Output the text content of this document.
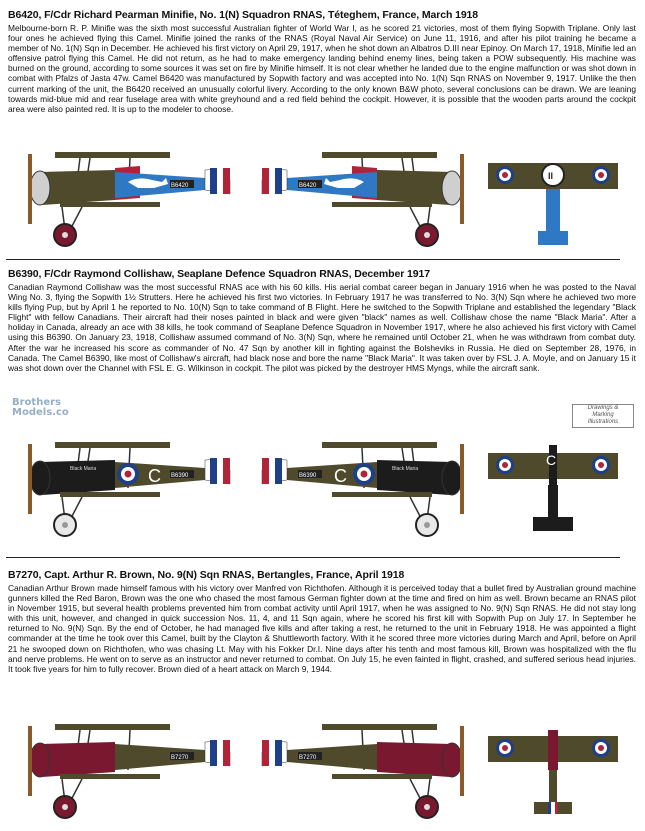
B6420, F/Cdr Richard Pearman Minifie, No. 1(N) Squadron RNAS, Téteghem, France, March 1918
Melbourne-born R. P. Minifie was the sixth most successful Australian fighter of World War I, as he scored 21 victories, most of them flying Sopwith Triplane. Only last four ones he achieved flying this Camel. Minifie joined the ranks of the RNAS (Royal Naval Air Service) on June 11, 1916, and after his pilot training he became a member of No. 1(N) Sqn in December. He achieved his first victory on April 29, 1917, when he shot down an Albatros D.III near Epinoy. On March 17, 1918, Minifie led an offensive patrol flying this Camel. He did not return, as he had to make emergency landing behind enemy lines, being taken a POW subsequently. His machine was burned on the ground, according to some sources it was set on fire by Minifie himself. It is not clear whether he landed due to the engine malfunction or was shot down in combat with Pfalzs of Jasta 47w. Camel B6420 was manufactured by Sopwith factory and was accepted into No. 1(N) Sqn RNAS on November 9, 1917. Unlike the then current marking of the unit, the B6420 received an unusually colorful livery. According to the only known B&W photo, several conclusions can be drawn. We are leaning towards mid-blue mid and rear fuselage area with white greyhound and a red field behind the cockpit. However, it is possible that the wooden parts around the cockpit area were also painted red. It is up to the modeler to choose.
B6420	B6420
II
B6390, F/Cdr Raymond Collishaw, Seaplane Defence Squadron RNAS, December 1917
Canadian Raymond Collishaw was the most successful RNAS ace with his 60 kills. His aerial combat career began in January 1916 when he was posted to the Naval Wing No. 3, flying the Sopwith 1½ Strutters. Here he achieved his first two victories. In February 1917 he was transferred to No. 3(N) Sqn where he achieved two more kills flying Pup, but by April 1 he reported to No. 10(N) Sqn to take command of B Flight. Here he switched to the Sopwith Triplane and established the legendary "Black Flight" with fellow Canadians. Their aircraft had their noses painted in black and were given "black" names as well. Collishaw chose the name "Black Maria". After a holiday in Canada, already an ace with 38 kills, he took command of Seaplane Defence Squadron in November 1917, where he also achieved his first victory with Camel using this B6390. On January 23, 1918, Collishaw assumed command of No. 3(N) Sqn, where he remained until October 21, when he was withdrawn from combat duty. After the war he increased his score as commander of No. 47 Sqn by another kill in fighting against the Bolsheviks in Russia. He died on September 28, 1976, in Canada. The Camel B6390, like most of Collishaw's aircraft, had black nose and bore the name "Black Maria". It was taken over by FSL J. A. Moyle, and on January 15 it was shot down over the Channel with FSL E. G. Wilkinson in cockpit. The pilot was picked by the destroyer HMS Myngs, while the aircraft sank.
Brothers
Models.co	Drawings &
Marking
Illustrations
Black Maria	C B6390
Black Maria
C
B6390
C
C
B7270, Capt. Arthur R. Brown, No. 9(N) Sqn RNAS, Bertangles, France, April 1918
Canadian Arthur Brown made himself famous with his victory over Manfred von Richthofen. Although it is perceived today that a bullet fired by Australian ground machine gunners killed the Red Baron, Brown was the one who chased the most famous German fighter down at the time and fired on him as well. Brown became an RNAS pilot in November 1915, but several health problems prevented him from combat activity until April 1917, when he was assigned to No. 9(N) Sqn RNAS. He did not stay long with this unit, however, and changed in quick succession Nos. 11, 4, and 11 Sqn again, where he scored his first kill with Sopwith Pup on July 17. In September he returned to No. 9(N) Sqn. By the end of October, he had managed five kills and after taking a rest, he returned to the unit in February 1918. He was appointed a flight commander at the time he took over this Camel, built by the Clayton & Shuttleworth factory. With it he scored three more victories during March and April, before on April 21 he swooped down on Richthofen, who was chasing Lt. May with his Fokker Dr.I. Nine days after his tenth and most famous kill, Brown was hospitalized with the flu and nerve problems. He went on to serve as an instructor and never returned to combat. On July 15, he even fainted in flight, crashed, and suffered serious head injuries. It took five years for him to fully recover. Brown died of a heart attack on March 9, 1944.
B7270	B7270
